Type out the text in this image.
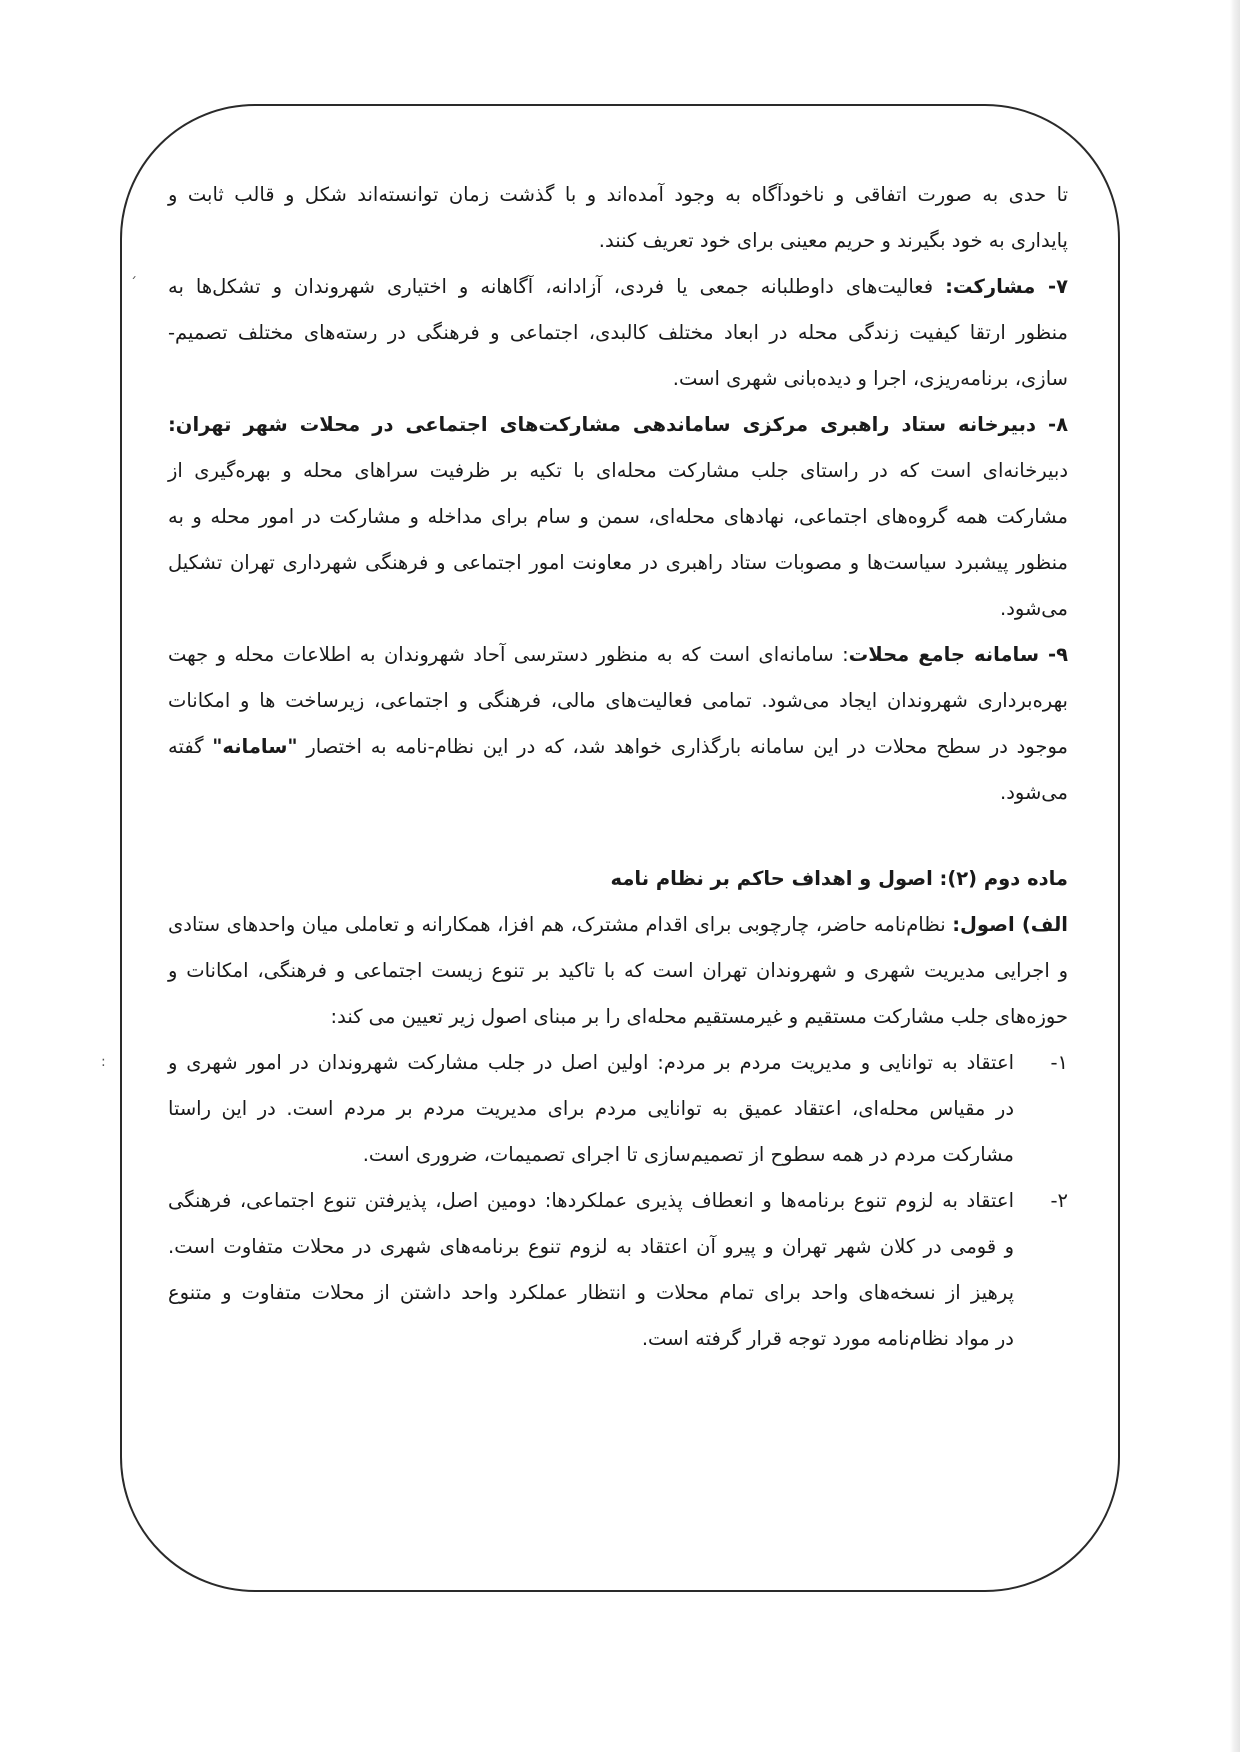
´
:

تا حدی به صورت اتفاقی و ناخودآگاه به وجود آمده‌اند و با گذشت زمان توانسته‌اند شکل و قالب ثابت و
پایداری به خود بگیرند و حریم معینی برای خود تعریف کنند.

۷- مشارکت: فعالیت‌های داوطلبانه جمعی یا فردی، آزادانه، آگاهانه و اختیاری شهروندان و تشکل‌ها به
منظور ارتقا کیفیت زندگی محله در ابعاد مختلف کالبدی، اجتماعی و فرهنگی در رسته‌های مختلف تصمیم-
سازی، برنامه‌ریزی، اجرا و دیده‌بانی شهری است.

۸- دبیرخانه ستاد راهبری مرکزی ساماندهی مشارکت‌های اجتماعی در محلات شهر تهران:
دبیرخانه‌ای است که در راستای جلب مشارکت محله‌ای با تکیه بر ظرفیت سراهای محله و بهره‌گیری از
مشارکت همه گروه‌های اجتماعی، نهادهای محله‌ای، سمن و سام برای مداخله و مشارکت در امور محله و به
منظور پیشبرد سیاست‌ها و مصوبات ستاد راهبری در معاونت امور اجتماعی و فرهنگی شهرداری تهران تشکیل
می‌شود.

۹- سامانه جامع محلات: سامانه‌ای است که به منظور دسترسی آحاد شهروندان به اطلاعات محله و جهت
بهره‌برداری شهروندان ایجاد می‌شود. تمامی فعالیت‌های مالی، فرهنگی و اجتماعی، زیرساخت ها و امکانات
موجود در سطح محلات در این سامانه بارگذاری خواهد شد، که در این نظام-نامه به اختصار "سامانه" گفته
می‌شود.

ماده دوم (۲): اصول و اهداف حاکم بر نظام نامه

الف) اصول: نظام‌نامه حاضر، چارچوبی برای اقدام مشترک، هم افزا، همکارانه و تعاملی میان واحدهای ستادی
و اجرایی مدیریت شهری و شهروندان تهران است که با تاکید بر تنوع زیست اجتماعی و فرهنگی، امکانات و
حوزه‌های جلب مشارکت مستقیم و غیرمستقیم محله‌ای را بر مبنای اصول زیر تعیین می کند:

۱-
اعتقاد به توانایی و مدیریت مردم بر مردم: اولین اصل در جلب مشارکت شهروندان در امور شهری و
در مقیاس محله‌ای، اعتقاد عمیق به توانایی مردم برای مدیریت مردم بر مردم است. در این راستا
مشارکت مردم در همه سطوح از تصمیم‌سازی تا اجرای تصمیمات، ضروری است.
۲-
اعتقاد به لزوم تنوع برنامه‌ها و انعطاف پذیری عملکردها: دومین اصل، پذیرفتن تنوع اجتماعی، فرهنگی
و قومی در کلان شهر تهران و پیرو آن اعتقاد به لزوم تنوع برنامه‌های شهری در محلات متفاوت است.
پرهیز از نسخه‌های واحد برای تمام محلات و انتظار عملکرد واحد داشتن از محلات متفاوت و متنوع
در مواد نظام‌نامه مورد توجه قرار گرفته است.
